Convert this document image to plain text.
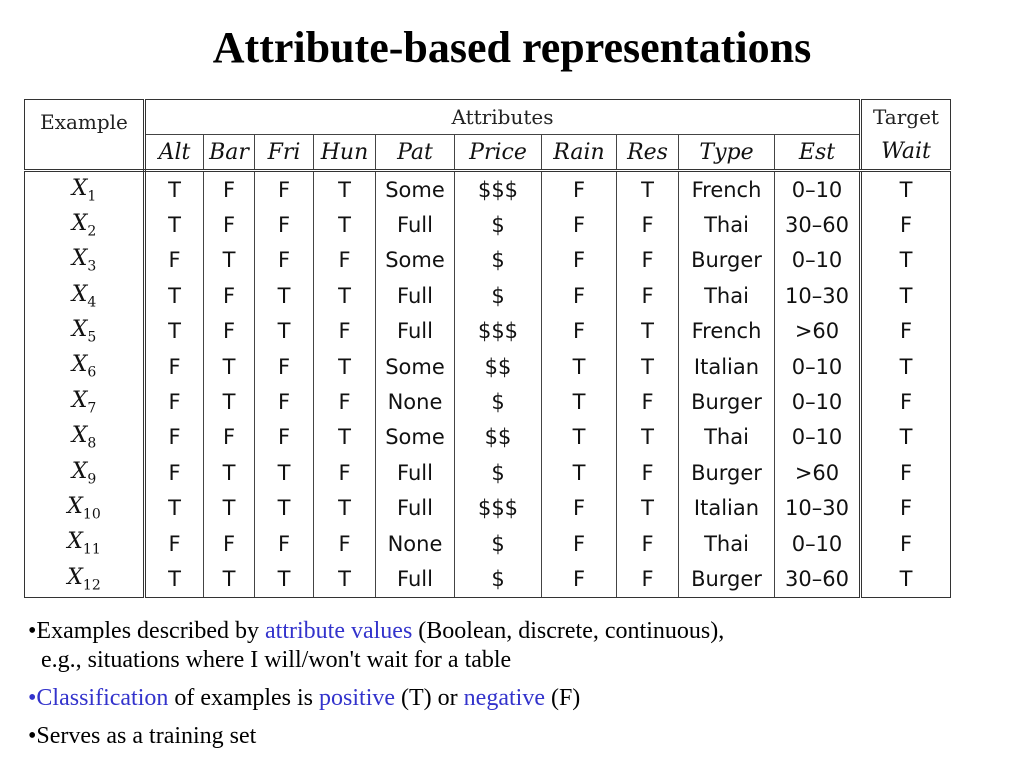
Attribute-based representations
Example	Attributes										Target
	Alt	Bar	Fri	Hun	Pat	Price	Rain	Res	Type	Est	Wait
$X_1$	T	F	F	T	Some	$$$	F	T	French	0–10	T
$X_2$	T	F	F	T	Full	$	F	F	Thai	30–60	F
$X_3$	F	T	F	F	Some	$	F	F	Burger	0–10	T
$X_4$	T	F	T	T	Full	$	F	F	Thai	10–30	T
$X_5$	T	F	T	F	Full	$$$	F	T	French	>60	F
$X_6$	F	T	F	T	Some	$$	T	T	Italian	0–10	T
$X_7$	F	T	F	F	None	$	T	F	Burger	0–10	F
$X_8$	F	F	F	T	Some	$$	T	T	Thai	0–10	T
$X_9$	F	T	T	F	Full	$	T	F	Burger	>60	F
$X_{10}$	T	T	T	T	Full	$$$	F	T	Italian	10–30	F
$X_{11}$	F	F	F	F	None	$	F	F	Thai	0–10	F
$X_{12}$	T	T	T	T	Full	$	F	F	Burger	30–60	T
•Examples described by attribute values (Boolean, discrete, continuous),
e.g., situations where I will/won't wait for a table
•Classification of examples is positive (T) or negative (F)
•Serves as a training set
